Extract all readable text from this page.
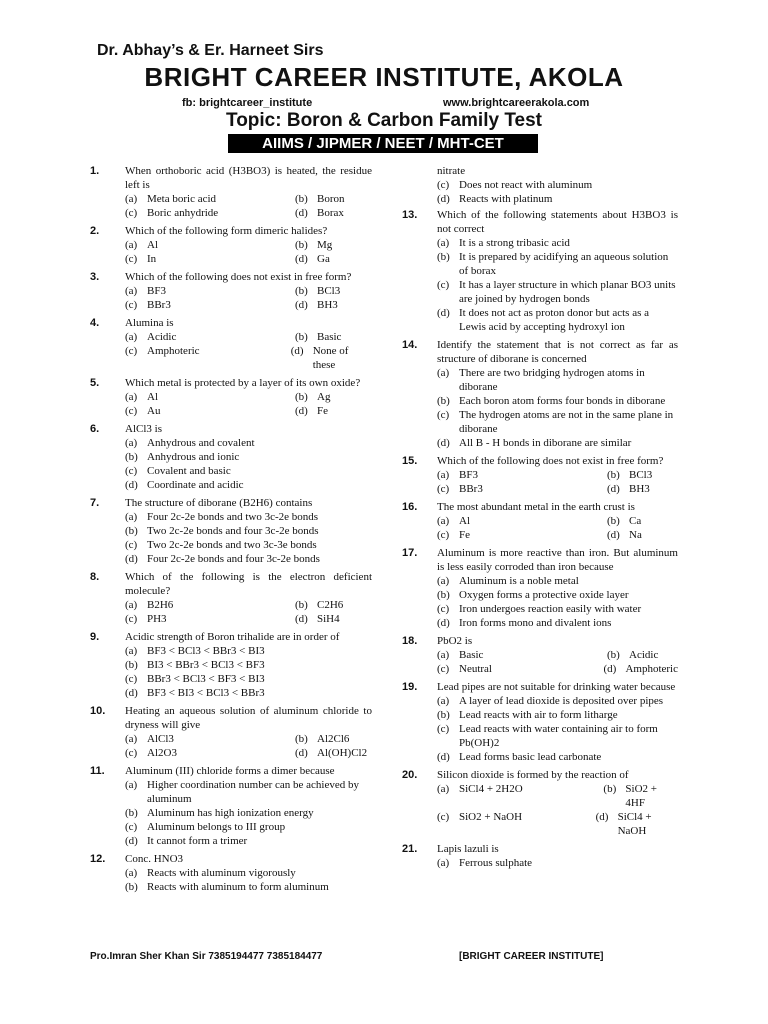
Dr. Abhay’s & Er. Harneet Sirs
BRIGHT CAREER INSTITUTE, AKOLA
fb: brightcareer_institute	www.brightcareerakola.com
Topic: Boron & Carbon Family Test
AIIMS / JIPMER / NEET / MHT-CET
1. When orthoboric acid (H3BO3) is heated, the residue left is
(a) Meta boric acid	(b) Boron
(c) Boric anhydride	(d) Borax
2. Which of the following form dimeric halides?
(a) Al	(b) Mg
(c) In	(d) Ga
3. Which of the following does not exist in free form?
(a) BF3	(b) BCl3
(c) BBr3	(d) BH3
4. Alumina is
(a) Acidic	(b) Basic
(c) Amphoteric	(d) None of these
5. Which metal is protected by a layer of its own oxide?
(a) Al	(b) Ag
(c) Au	(d) Fe
6. AlCl3 is
(a) Anhydrous and covalent
(b) Anhydrous and ionic
(c) Covalent and basic
(d) Coordinate and acidic
7. The structure of diborane (B2H6) contains
(a) Four 2c-2e bonds and two 3c-2e bonds
(b) Two 2c-2e bonds and four 3c-2e bonds
(c) Two 2c-2e bonds and two 3c-3e bonds
(d) Four 2c-2e bonds and four 3c-2e bonds
8. Which of the following is the electron deficient molecule?
(a) B2H6	(b) C2H6
(c) PH3	(d) SiH4
9. Acidic strength of Boron trihalide are in order of
(a) BF3 < BCl3 < BBr3 < BI3
(b) BI3 < BBr3 < BCl3 < BF3
(c) BBr3 < BCl3 < BF3 < BI3
(d) BF3 < BI3 < BCl3 < BBr3
10. Heating an aqueous solution of aluminum chloride to dryness will give
(a) AlCl3	(b) Al2Cl6
(c) Al2O3	(d) Al(OH)Cl2
11. Aluminum (III) chloride forms a dimer because
(a) Higher coordination number can be achieved by aluminum
(b) Aluminum has high ionization energy
(c) Aluminum belongs to III group
(d) It cannot form a trimer
12. Conc. HNO3
(a) Reacts with aluminum vigorously
(b) Reacts with aluminum to form aluminum
nitrate
(c) Does not react with aluminum
(d) Reacts with platinum
13. Which of the following statements about H3BO3 is not correct
(a) It is a strong tribasic acid
(b) It is prepared by acidifying an aqueous solution of borax
(c) It has a layer structure in which planar BO3 units are joined by hydrogen bonds
(d) It does not act as proton donor but acts as a Lewis acid by accepting hydroxyl ion
14. Identify the statement that is not correct as far as structure of diborane is concerned
(a) There are two bridging hydrogen atoms in diborane
(b) Each boron atom forms four bonds in diborane
(c) The hydrogen atoms are not in the same plane in diborane
(d) All B - H bonds in diborane are similar
15. Which of the following does not exist in free form?
(a) BF3	(b) BCl3
(c) BBr3	(d) BH3
16. The most abundant metal in the earth crust is
(a) Al	(b) Ca
(c) Fe	(d) Na
17. Aluminum is more reactive than iron. But aluminum is less easily corroded than iron because
(a) Aluminum is a noble metal
(b) Oxygen forms a protective oxide layer
(c) Iron undergoes reaction easily with water
(d) Iron forms mono and divalent ions
18. PbO2 is
(a) Basic	(b) Acidic
(c) Neutral	(d) Amphoteric
19. Lead pipes are not suitable for drinking water because
(a) A layer of lead dioxide is deposited over pipes
(b) Lead reacts with air to form litharge
(c) Lead reacts with water containing air to form Pb(OH)2
(d) Lead forms basic lead carbonate
20. Silicon dioxide is formed by the reaction of
(a) SiCl4 + 2H2O	(b) SiO2 + 4HF
(c) SiO2 + NaOH	(d) SiCl4 + NaOH
21. Lapis lazuli is
(a) Ferrous sulphate
Pro.Imran Sher Khan Sir 7385194477 7385184477	[BRIGHT CAREER INSTITUTE]
